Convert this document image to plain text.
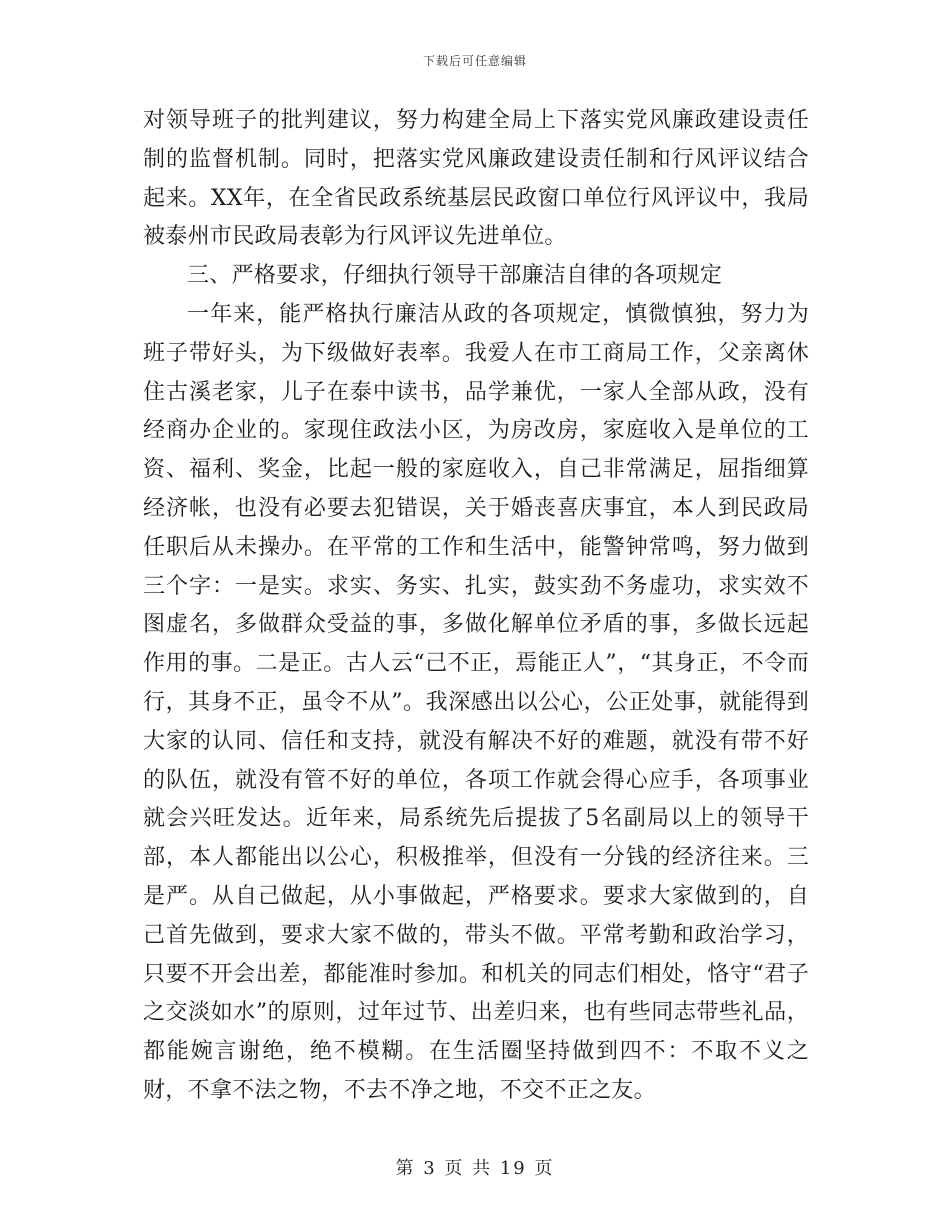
下载后可任意编辑

对领导班子的批判建议，努力构建全局上下落实党风廉政建设责任制的监督机制。同时，把落实党风廉政建设责任制和行风评议结合起来。XX年，在全省民政系统基层民政窗口单位行风评议中，我局被泰州市民政局表彰为行风评议先进单位。

三、严格要求，仔细执行领导干部廉洁自律的各项规定

一年来，能严格执行廉洁从政的各项规定，慎微慎独，努力为班子带好头，为下级做好表率。我爱人在市工商局工作，父亲离休住古溪老家，儿子在泰中读书，品学兼优，一家人全部从政，没有经商办企业的。家现住政法小区，为房改房，家庭收入是单位的工资、福利、奖金，比起一般的家庭收入，自己非常满足，屈指细算经济帐，也没有必要去犯错误，关于婚丧喜庆事宜，本人到民政局任职后从未操办。在平常的工作和生活中，能警钟常鸣，努力做到三个字：一是实。求实、务实、扎实，鼓实劲不务虚功，求实效不图虚名，多做群众受益的事，多做化解单位矛盾的事，多做长远起作用的事。二是正。古人云“己不正，焉能正人”，“其身正，不令而行，其身不正，虽令不从”。我深感出以公心，公正处事，就能得到大家的认同、信任和支持，就没有解决不好的难题，就没有带不好的队伍，就没有管不好的单位，各项工作就会得心应手，各项事业就会兴旺发达。近年来，局系统先后提拔了5名副局以上的领导干部，本人都能出以公心，积极推举，但没有一分钱的经济往来。三是严。从自己做起，从小事做起，严格要求。要求大家做到的，自己首先做到，要求大家不做的，带头不做。平常考勤和政治学习，只要不开会出差，都能准时参加。和机关的同志们相处，恪守“君子之交淡如水”的原则，过年过节、出差归来，也有些同志带些礼品，都能婉言谢绝，绝不模糊。在生活圈坚持做到四不：不取不义之财，不拿不法之物，不去不净之地，不交不正之友。

第 3 页 共 19 页
